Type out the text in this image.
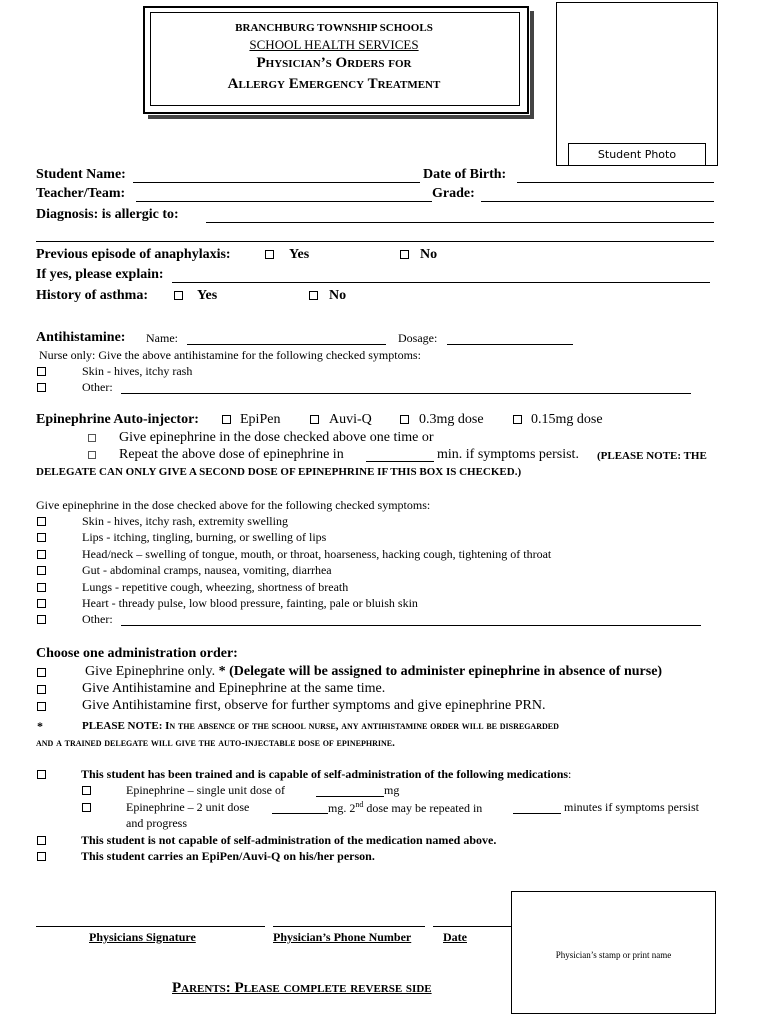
BRANCHBURG TOWNSHIP SCHOOLS
SCHOOL HEALTH SERVICES
Physician’s Orders for
Allergy Emergency Treatment
Student Photo
Student Name:	Date of Birth:
Teacher/Team:	Grade:
Diagnosis: is allergic to:
Previous episode of anaphylaxis:	Yes	No
If yes, please explain:
History of asthma:	Yes	No
Antihistamine: Name:	Dosage:
Nurse only: Give the above antihistamine for the following checked symptoms:
Skin - hives, itchy rash
Other:
Epinephrine Auto-injector:	EpiPen	Auvi-Q	0.3mg dose	0.15mg dose
Give epinephrine in the dose checked above one time or
Repeat the above dose of epinephrine in	min. if symptoms persist. (PLEASE NOTE: THE
DELEGATE CAN ONLY GIVE A SECOND DOSE OF EPINEPHRINE IF THIS BOX IS CHECKED.)
Give epinephrine in the dose checked above for the following checked symptoms:
Skin - hives, itchy rash, extremity swelling
Lips - itching, tingling, burning, or swelling of lips
Head/neck – swelling of tongue, mouth, or throat, hoarseness, hacking cough, tightening of throat
Gut - abdominal cramps, nausea, vomiting, diarrhea
Lungs - repetitive cough, wheezing, shortness of breath
Heart - thready pulse, low blood pressure, fainting, pale or bluish skin
Other:
Choose one administration order:
Give Epinephrine only. * (Delegate will be assigned to administer epinephrine in absence of nurse)
Give Antihistamine and Epinephrine at the same time.
Give Antihistamine first, observe for further symptoms and give epinephrine PRN.
*	PLEASE NOTE: In the absence of the school nurse, any antihistamine order will be disregarded
and a trained delegate will give the auto-injectable dose of epinephrine.
This student has been trained and is capable of self-administration of the following medications:
Epinephrine – single unit dose of	mg
Epinephrine – 2 unit dose	mg. 2nd dose may be repeated in	minutes if symptoms persist
and progress
This student is not capable of self-administration of the medication named above.
This student carries an EpiPen/Auvi-Q on his/her person.
Physicians Signature	Physician’s Phone Number	Date
Physician’s stamp or print name
Parents: Please complete reverse side
